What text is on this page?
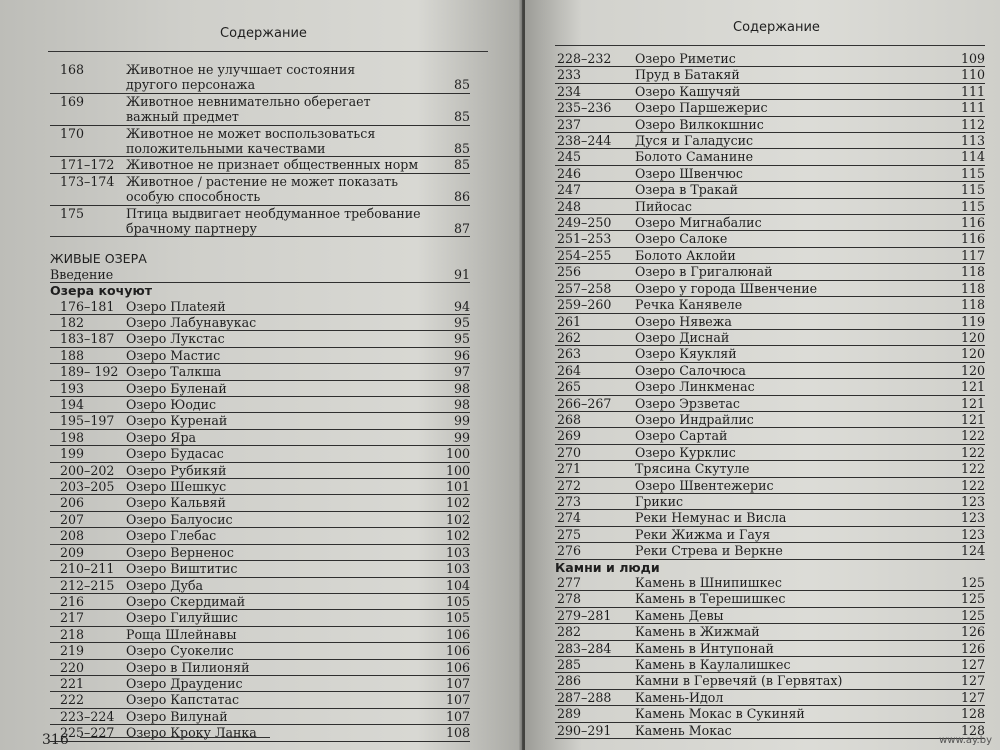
Содержание
168	Животное не улучшает состояния
другого персонажа	85
169	Животное невнимательно оберегает
важный предмет	85
170	Животное не может воспользоваться
положительными качествами	85
171–172 Животное не признает общественных норм	85
173–174 Животное / растение не может показать
особую способность	86
175	Птица выдвигает необдуманное требование
брачному партнеру	87
ЖИВЫЕ ОЗЕРА
Введение	91
Озера кочуют
176–181 Озеро Плateяй	94
182	Озеро Лабунавукас	95
183–187 Озеро Лукстас	95
188	Озеро Мастис	96
189– 192 Озеро Талкша	97
193	Озеро Буленай	98
194	Озеро Юодис	98
195–197 Озеро Куренай	99
198	Озеро Яра	99
199	Озеро Будасас	100
200–202 Озеро Рубикяй	100
203–205 Озеро Шешкус	101
206	Озеро Кальвяй	102
207	Озеро Балуосис	102
208	Озеро Глебас	102
209	Озеро Верненос	103
210–211 Озеро Виштитис	103
212–215 Озеро Дуба	104
216	Озеро Скердимай	105
217	Озеро Гилуйшис	105
218	Роща Шлейнавы	106
219	Озеро Суокелис	106
220	Озеро в Пилионяй	106
221	Озеро Драуденис	107
222	Озеро Капстатас	107
223–224 Озеро Вилунай	107
225–227 Озеро Кроку Ланка	108
316
Содержание
228–232	Озеро Риметис	109
233	Пруд в Батакяй	110
234	Озеро Кашучяй	111
235–236	Озеро Паршежерис	111
237	Озеро Вилкокшнис	112
238–244	Дуся и Галадусис	113
245	Болото Саманине	114
246	Озеро Швенчюс	115
247	Озера в Тракай	115
248	Пийосас	115
249–250	Озеро Мигнабалис	116
251–253	Озеро Салоке	116
254–255	Болото Аклойи	117
256	Озеро в Григалюнай	118
257–258	Озеро у города Швенчение	118
259–260	Речка Канявеле	118
261	Озеро Нявежа	119
262	Озеро Диснай	120
263	Озеро Кяукляй	120
264	Озеро Салочюса	120
265	Озеро Линкменас	121
266–267	Озеро Эрзветас	121
268	Озеро Индрайлис	121
269	Озеро Сартай	122
270	Озеро Курклис	122
271	Трясина Скутуле	122
272	Озеро Швентежерис	122
273	Грикис	123
274	Реки Немунас и Висла	123
275	Реки Жижма и Гауя	123
276	Реки Стрева и Веркне	124
Камни и люди
277	Камень в Шнипишкес	125
278	Камень в Терешишкес	125
279–281	Камень Девы	125
282	Камень в Жижмай	126
283–284	Камень в Интупонай	126
285	Камень в Каулалишкес	127
286	Камни в Гервечяй (в Гервятах)	127
287–288	Камень-Идол	127
289	Камень Мокас в Сукиняй	128
290–291	Камень Мокас	128
www.ay.by
